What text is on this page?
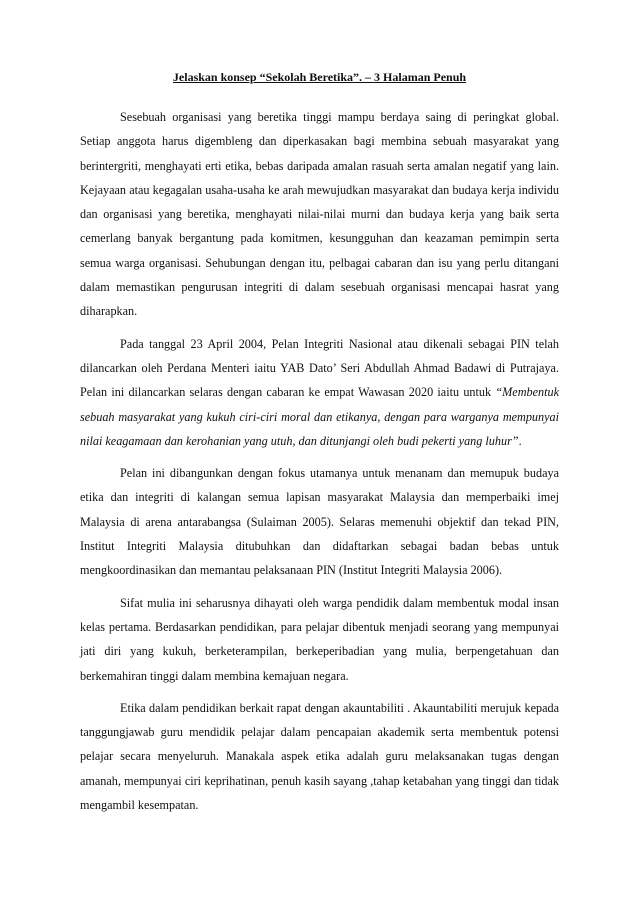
Jelaskan konsep “Sekolah Beretika”. – 3 Halaman Penuh

Sesebuah organisasi yang beretika tinggi mampu berdaya saing di peringkat global. Setiap anggota harus digembleng dan diperkasakan bagi membina sebuah masyarakat yang berintergriti, menghayati erti etika, bebas daripada amalan rasuah serta amalan negatif yang lain. Kejayaan atau kegagalan usaha-usaha ke arah mewujudkan masyarakat dan budaya kerja individu dan organisasi yang beretika, menghayati nilai-nilai murni dan budaya kerja yang baik serta cemerlang banyak bergantung pada komitmen, kesungguhan dan keazaman pemimpin serta semua warga organisasi. Sehubungan dengan itu, pelbagai cabaran dan isu yang perlu ditangani dalam memastikan pengurusan integriti di dalam sesebuah organisasi mencapai hasrat yang diharapkan.

Pada tanggal 23 April 2004, Pelan Integriti Nasional atau dikenali sebagai PIN telah dilancarkan oleh Perdana Menteri iaitu YAB Dato’ Seri Abdullah Ahmad Badawi di Putrajaya. Pelan ini dilancarkan selaras dengan cabaran ke empat Wawasan 2020 iaitu untuk “Membentuk sebuah masyarakat yang kukuh ciri-ciri moral dan etikanya, dengan para warganya mempunyai nilai keagamaan dan kerohanian yang utuh, dan ditunjangi oleh budi pekerti yang luhur”.

Pelan ini dibangunkan dengan fokus utamanya untuk menanam dan memupuk budaya etika dan integriti di kalangan semua lapisan masyarakat Malaysia dan memperbaiki imej Malaysia di arena antarabangsa (Sulaiman 2005). Selaras memenuhi objektif dan tekad PIN, Institut Integriti Malaysia ditubuhkan dan didaftarkan sebagai badan bebas untuk mengkoordinasikan dan memantau pelaksanaan PIN (Institut Integriti Malaysia 2006).

Sifat mulia ini seharusnya dihayati oleh warga pendidik dalam membentuk modal insan kelas pertama. Berdasarkan pendidikan, para pelajar dibentuk menjadi seorang yang mempunyai jati diri yang kukuh, berketerampilan, berkeperibadian yang mulia, berpengetahuan dan berkemahiran tinggi dalam membina kemajuan negara.

Etika dalam pendidikan berkait rapat dengan akauntabiliti . Akauntabiliti merujuk kepada tanggungjawab guru mendidik pelajar dalam pencapaian akademik serta membentuk potensi pelajar secara menyeluruh. Manakala aspek etika adalah guru melaksanakan tugas dengan amanah, mempunyai ciri keprihatinan, penuh kasih sayang ,tahap ketabahan yang tinggi dan tidak mengambil kesempatan.
